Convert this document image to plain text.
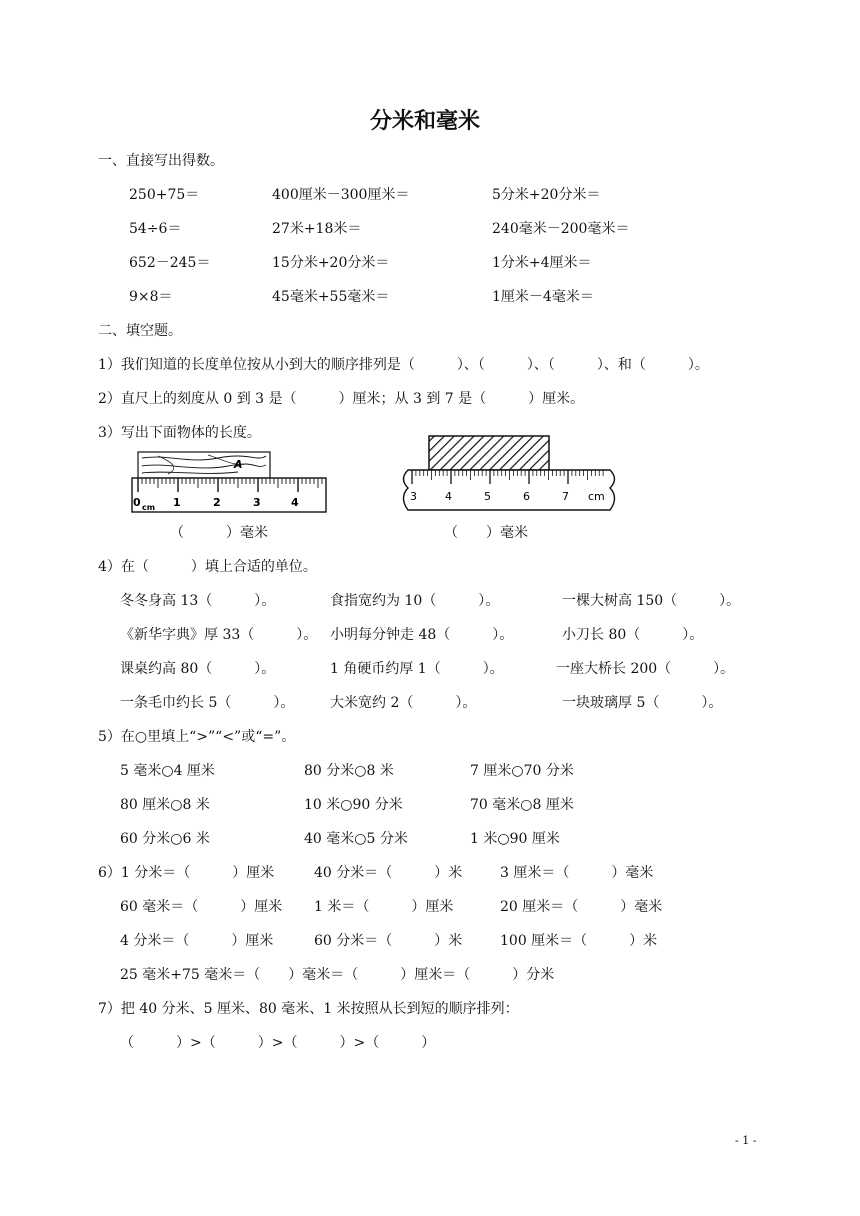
分米和毫米
一、直接写出得数。
250+75＝	400厘米－300厘米＝	5分米+20分米＝
54÷6＝	27米+18米＝	240毫米－200毫米＝
652－245＝	15分米+20分米＝	1分米+4厘米＝
9×8＝	45毫米+55毫米＝	1厘米－4毫米＝
二、填空题。
1）我们知道的长度单位按从小到大的顺序排列是（　　　）、（　　　）、（　　　）、和（　　　）。
2）直尺上的刻度从 0 到 3 是（　　　）厘米；从 3 到 7 是（　　　）厘米。
3）写出下面物体的长度。
A
0 cm 1	2	3	4	3	4	5	6	7 cm
（　　　）毫米	（　　）毫米
4）在（　　　）填上合适的单位。
冬冬身高 13（　　　）。	食指宽约为 10（　　　）。	一棵大树高 150（　　　）。
《新华字典》厚 33（　　　）。 小明每分钟走 48（　　　）。	小刀长 80（　　　）。
课桌约高 80（　　　）。	1 角硬币约厚 1（　　　）。	一座大桥长 200（　　　）。
一条毛巾约长 5（　　　）。	大米宽约 2（　　　）。	一块玻璃厚 5（　　　）。
5）在○里填上“>”“<”或“=”。
5 毫米○4 厘米	80 分米○8 米	7 厘米○70 分米
80 厘米○8 米	10 米○90 分米	70 毫米○8 厘米
60 分米○6 米	40 毫米○5 分米	1 米○90 厘米
6）1 分米＝（　　　）厘米	40 分米＝（　　　）米	3 厘米＝（　　　）毫米
60 毫米＝（　　　）厘米 1 米＝（　　　）厘米	20 厘米＝（　　　）毫米
4 分米＝（　　　）厘米	60 分米＝（　　　）米	100 厘米＝（　　　）米
25 毫米+75 毫米＝（　　）毫米＝（　　　）厘米＝（　　　）分米
7）把 40 分米、5 厘米、80 毫米、1 米按照从长到短的顺序排列：
（　　　）>（　　　）>（　　　）>（　　　）
- 1 -
